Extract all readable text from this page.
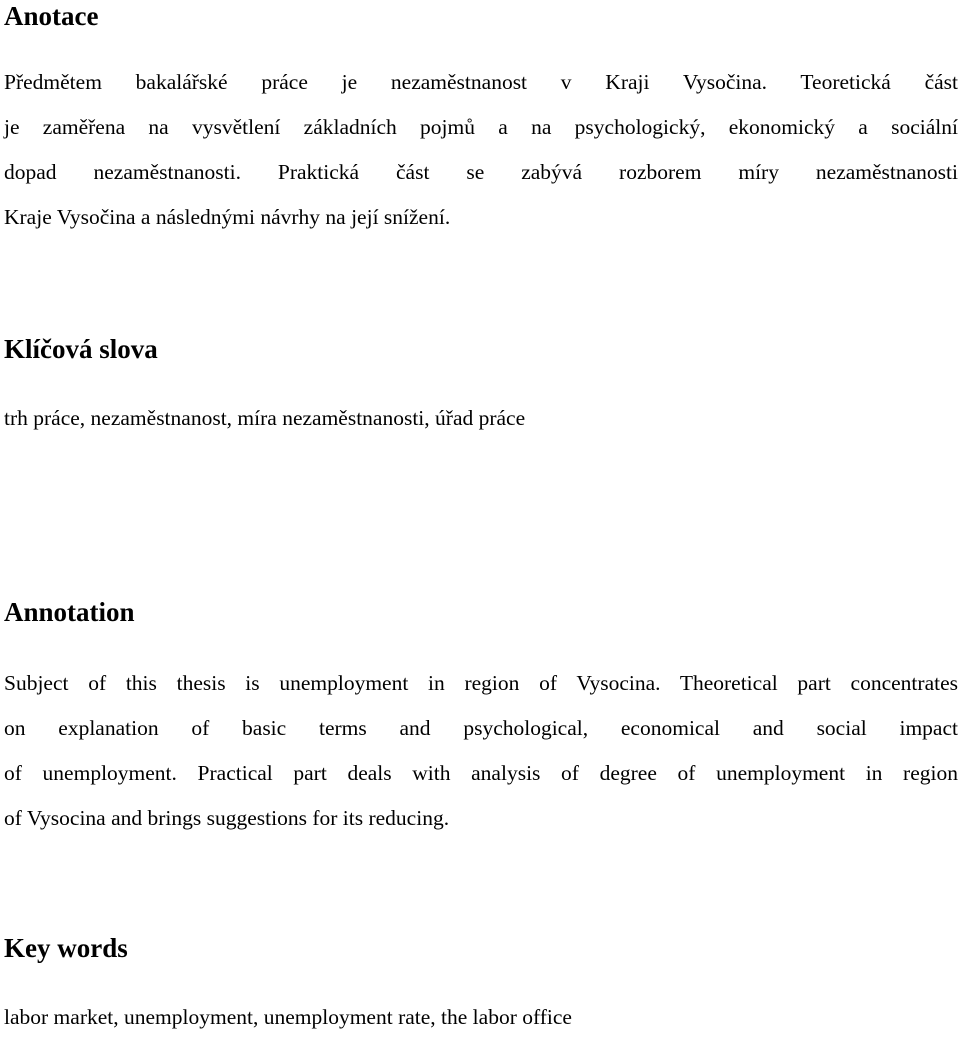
Anotace
Předmětem bakalářské práce je nezaměstnanost v Kraji Vysočina. Teoretická část
je zaměřena na vysvětlení základních pojmů a na psychologický, ekonomický a sociální
dopad nezaměstnanosti. Praktická část se zabývá rozborem míry nezaměstnanosti
Kraje Vysočina a následnými návrhy na její snížení.
Klíčová slova
trh práce, nezaměstnanost, míra nezaměstnanosti, úřad práce
Annotation
Subject of this thesis is unemployment in region of Vysocina. Theoretical part concentrates
on explanation of basic terms and psychological, economical and social impact
of unemployment. Practical part deals with analysis of degree of unemployment in region
of Vysocina and brings suggestions for its reducing.
Key words
labor market, unemployment, unemployment rate, the labor office
